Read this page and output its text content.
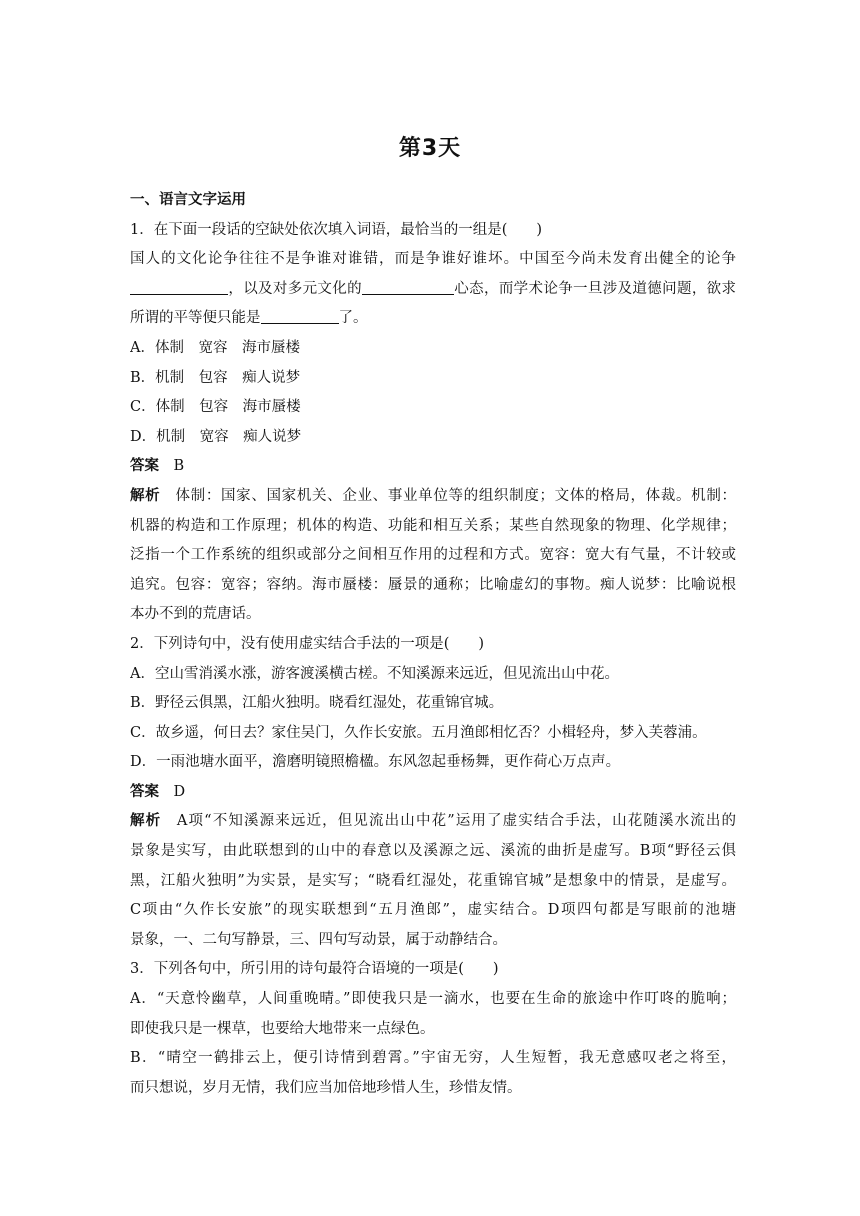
第3天
一、语言文字运用
1．在下面一段话的空缺处依次填入词语，最恰当的一组是(　　)
国人的文化论争往往不是争谁对谁错，而是争谁好谁坏。中国至今尚未发育出健全的论争
，以及对多元文化的	心态，而学术论争一旦涉及道德问题，欲求
所谓的平等便只能是	了。
A．体制　宽容　海市蜃楼
B．机制　包容　痴人说梦
C．体制　包容　海市蜃楼
D．机制　宽容　痴人说梦
答案　 B
解析　 体制：国家、国家机关、企业、事业单位等的组织制度；文体的格局，体裁。机制：
机器的构造和工作原理；机体的构造、功能和相互关系；某些自然现象的物理、化学规律；
泛指一个工作系统的组织或部分之间相互作用的过程和方式。宽容：宽大有气量，不计较或
追究。包容：宽容；容纳。海市蜃楼：蜃景的通称；比喻虚幻的事物。痴人说梦：比喻说根
本办不到的荒唐话。
2．下列诗句中，没有使用虚实结合手法的一项是(　　)
A．空山雪消溪水涨，游客渡溪横古槎。不知溪源来远近，但见流出山中花。
B．野径云俱黑，江船火独明。晓看红湿处，花重锦官城。
C．故乡遥，何日去？家住吴门，久作长安旅。五月渔郎相忆否？小楫轻舟，梦入芙蓉浦。
D．一雨池塘水面平，澹磨明镜照檐楹。东风忽起垂杨舞，更作荷心万点声。
答案　 D
解析　 A项“不知溪源来远近，但见流出山中花”运用了虚实结合手法，山花随溪水流出的
景象是实写，由此联想到的山中的春意以及溪源之远、溪流的曲折是虚写。B项“野径云俱
黑，江船火独明”为实景，是实写；“晓看红湿处，花重锦官城”是想象中的情景，是虚写。
C项由“久作长安旅”的现实联想到“五月渔郎”，虚实结合。D项四句都是写眼前的池塘
景象，一、二句写静景，三、四句写动景，属于动静结合。
3．下列各句中，所引用的诗句最符合语境的一项是(　　)
A．“天意怜幽草，人间重晚晴。”即使我只是一滴水，也要在生命的旅途中作叮咚的脆响；
即使我只是一棵草，也要给大地带来一点绿色。
B．“晴空一鹤排云上，便引诗情到碧霄。”宇宙无穷，人生短暂，我无意感叹老之将至，
而只想说，岁月无情，我们应当加倍地珍惜人生，珍惜友情。
